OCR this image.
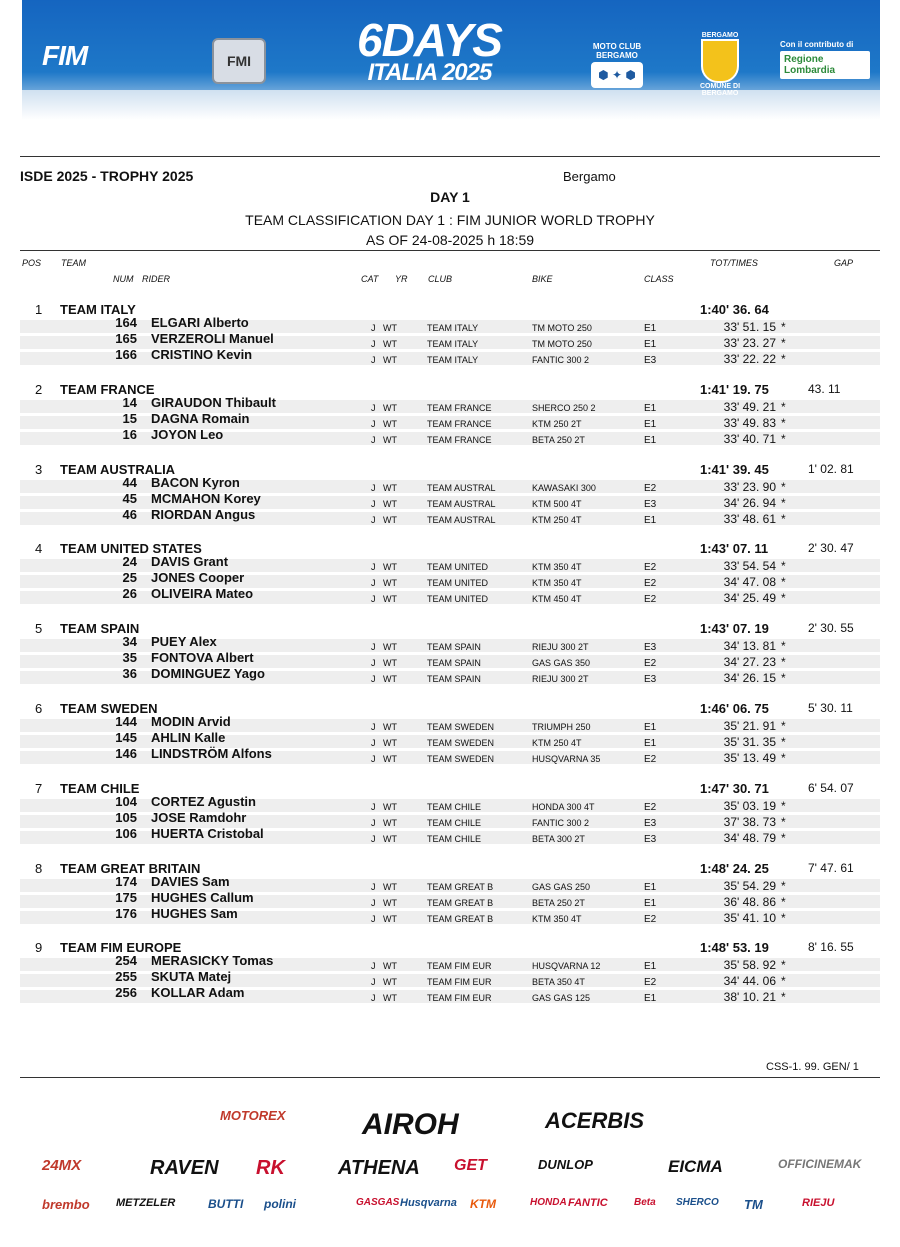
FIM	FMI	6DAYS
ITALIA 2025
MOTO CLUB BERGAMO
⬢ ✦ ⬢
BERGAMO
COMUNE DI BERGAMO
Con il contributo di
Regione Lombardia
ISDE 2025 - TROPHY 2025	Bergamo
DAY 1
TEAM CLASSIFICATION DAY 1 : FIM JUNIOR WORLD TROPHY
AS OF 24-08-2025 h 18:59
POS TEAM	TOT/TIMES	GAP
NUM RIDER	CAT YR CLUB	BIKE	CLASS
1 TEAM ITALY	1:40' 36. 64
164 ELGARI Alberto	J WT	TEAM ITALY	TM MOTO 250	E1	33' 51. 15 *
165 VERZEROLI Manuel	J WT	TEAM ITALY	TM MOTO 250	E1	33' 23. 27 *
166 CRISTINO Kevin	J WT	TEAM ITALY	FANTIC 300 2	E3	33' 22. 22 *
2 TEAM FRANCE	1:41' 19. 75	43. 11
14 GIRAUDON Thibault	J WT	TEAM FRANCE	SHERCO 250 2	E1	33' 49. 21 *
15 DAGNA Romain	J WT	TEAM FRANCE	KTM 250 2T	E1	33' 49. 83 *
16 JOYON Leo	J WT	TEAM FRANCE	BETA 250 2T	E1	33' 40. 71 *
3 TEAM AUSTRALIA	1:41' 39. 45	1' 02. 81
44 BACON Kyron	J WT	TEAM AUSTRAL	KAWASAKI 300	E2	33' 23. 90 *
45 MCMAHON Korey	J WT	TEAM AUSTRAL	KTM 500 4T	E3	34' 26. 94 *
46 RIORDAN Angus	J WT	TEAM AUSTRAL	KTM 250 4T	E1	33' 48. 61 *
4 TEAM UNITED STATES	1:43' 07. 11	2' 30. 47
24 DAVIS Grant	J WT	TEAM UNITED	KTM 350 4T	E2	33' 54. 54 *
25 JONES Cooper	J WT	TEAM UNITED	KTM 350 4T	E2	34' 47. 08 *
26 OLIVEIRA Mateo	J WT	TEAM UNITED	KTM 450 4T	E2	34' 25. 49 *
5 TEAM SPAIN	1:43' 07. 19	2' 30. 55
34 PUEY Alex	J WT	TEAM SPAIN	RIEJU 300 2T	E3	34' 13. 81 *
35 FONTOVA Albert	J WT	TEAM SPAIN	GAS GAS 350	E2	34' 27. 23 *
36 DOMINGUEZ Yago	J WT	TEAM SPAIN	RIEJU 300 2T	E3	34' 26. 15 *
6 TEAM SWEDEN	1:46' 06. 75	5' 30. 11
144 MODIN Arvid	J WT	TEAM SWEDEN	TRIUMPH 250	E1	35' 21. 91 *
145 AHLIN Kalle	J WT	TEAM SWEDEN	KTM 250 4T	E1	35' 31. 35 *
146 LINDSTRÖM Alfons	J WT	TEAM SWEDEN	HUSQVARNA 35	E2	35' 13. 49 *
7 TEAM CHILE	1:47' 30. 71	6' 54. 07
104 CORTEZ Agustin	J WT	TEAM CHILE	HONDA 300 4T	E2	35' 03. 19 *
105 JOSE Ramdohr	J WT	TEAM CHILE	FANTIC 300 2	E3	37' 38. 73 *
106 HUERTA Cristobal	J WT	TEAM CHILE	BETA 300 2T	E3	34' 48. 79 *
8 TEAM GREAT BRITAIN	1:48' 24. 25	7' 47. 61
174 DAVIES Sam	J WT	TEAM GREAT B	GAS GAS 250	E1	35' 54. 29 *
175 HUGHES Callum	J WT	TEAM GREAT B	BETA 250 2T	E1	36' 48. 86 *
176 HUGHES Sam	J WT	TEAM GREAT B	KTM 350 4T	E2	35' 41. 10 *
9 TEAM FIM EUROPE	1:48' 53. 19	8' 16. 55
254 MERASICKY Tomas	J WT	TEAM FIM EUR	HUSQVARNA 12	E1	35' 58. 92 *
255 SKUTA Matej	J WT	TEAM FIM EUR	BETA 350 4T	E2	34' 44. 06 *
256 KOLLAR Adam	J WT	TEAM FIM EUR	GAS GAS 125	E1	38' 10. 21 *
CSS-1. 99. GEN/ 1
MOTOREX	AIROH	ACERBIS
24MX	RAVEN RK	ATHENA GET	DUNLOP	EICMA	OFFICINEMAK
brembo METZELER	BUTTI polini	GASGAS Husqvarna KTM	HONDA FANTIC	Beta SHERCO TM	RIEJU
